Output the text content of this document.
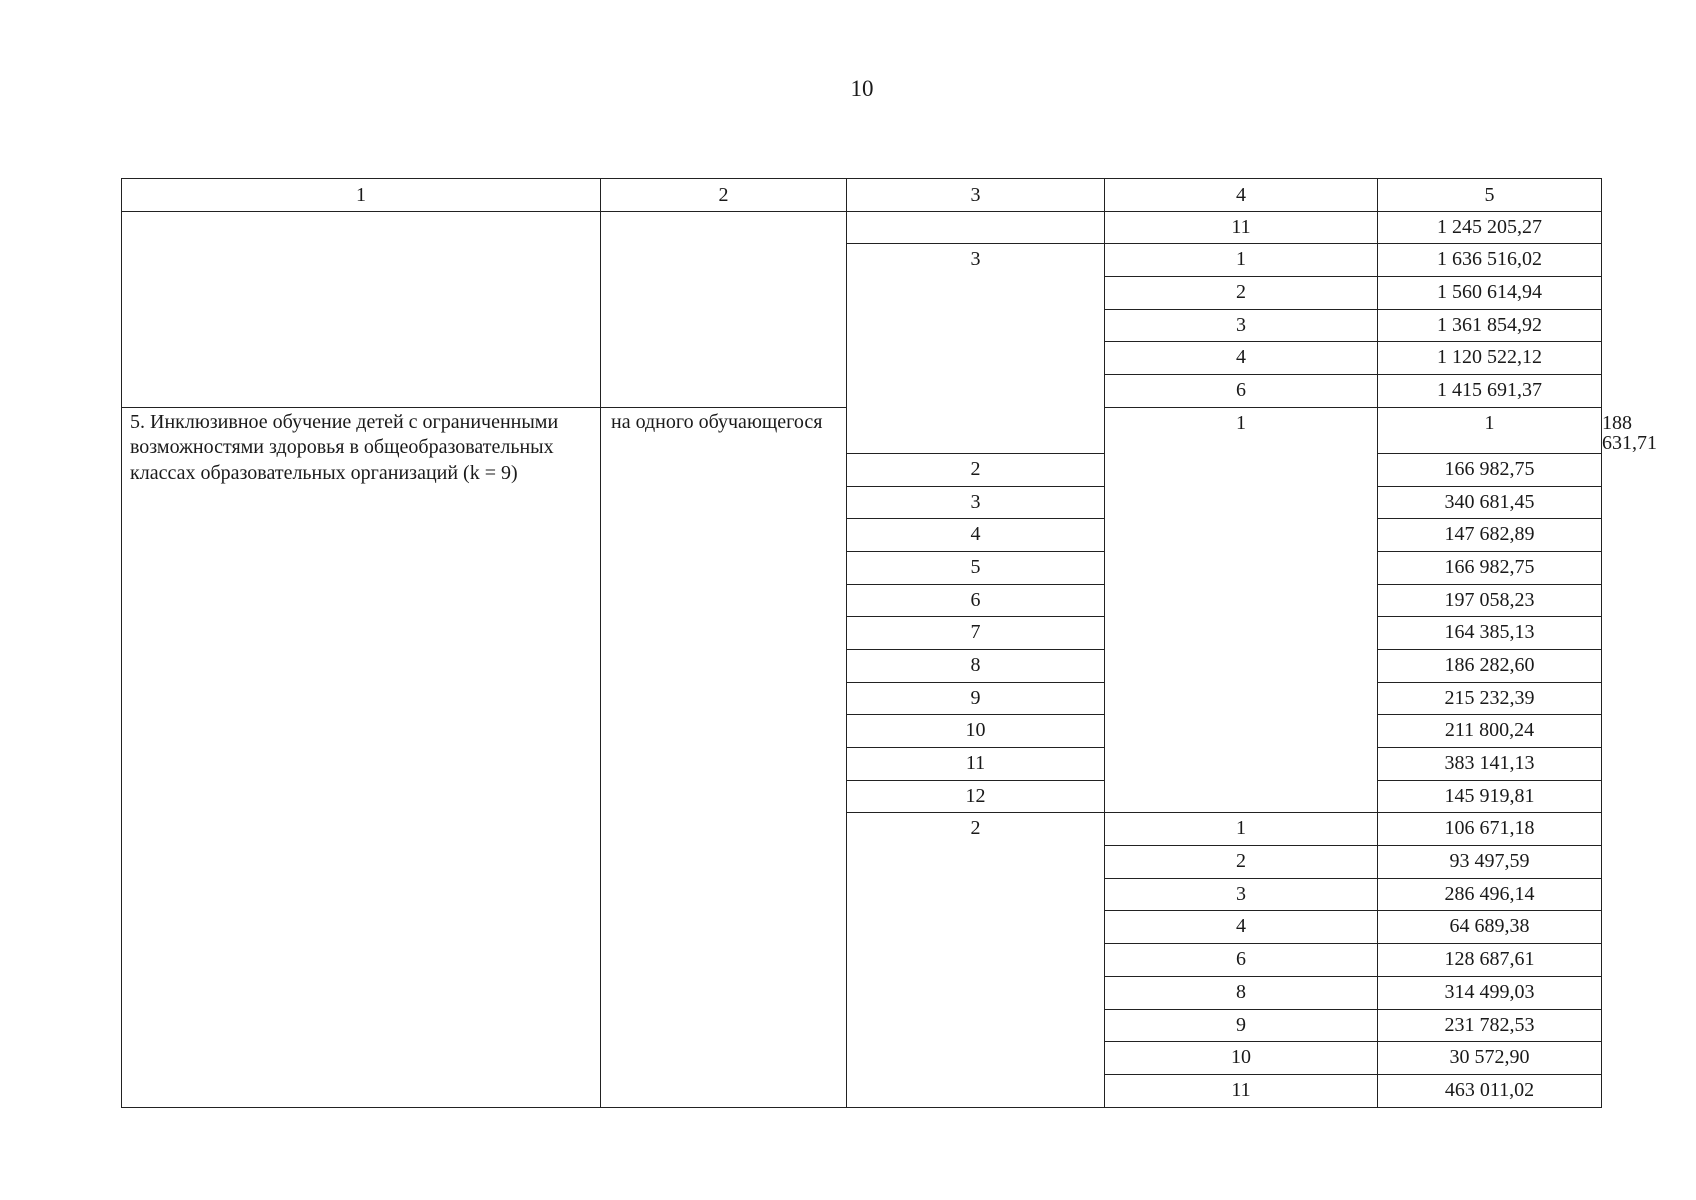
10
1	2	3	4	5	
			11	1 245 205,27	
		3	1	1 636 516,02	
			2	1 560 614,94	
			3	1 361 854,92	
			4	1 120 522,12	
			6	1 415 691,37	
5. Инклюзивное обучение детей с ограниченными возможностями здоровья в общеобразовательных классах образовательных организаций (k = 9)	на одного обучающегося		1	1	188 631,71
		2		166 982,75	
		3		340 681,45	
		4		147 682,89	
		5		166 982,75	
		6		197 058,23	
		7		164 385,13	
		8		186 282,60	
		9		215 232,39	
		10		211 800,24	
		11		383 141,13	
		12		145 919,81	
		2	1	106 671,18	
			2	93 497,59	
			3	286 496,14	
			4	64 689,38	
			6	128 687,61	
			8	314 499,03	
			9	231 782,53	
			10	30 572,90	
			11	463 011,02	
